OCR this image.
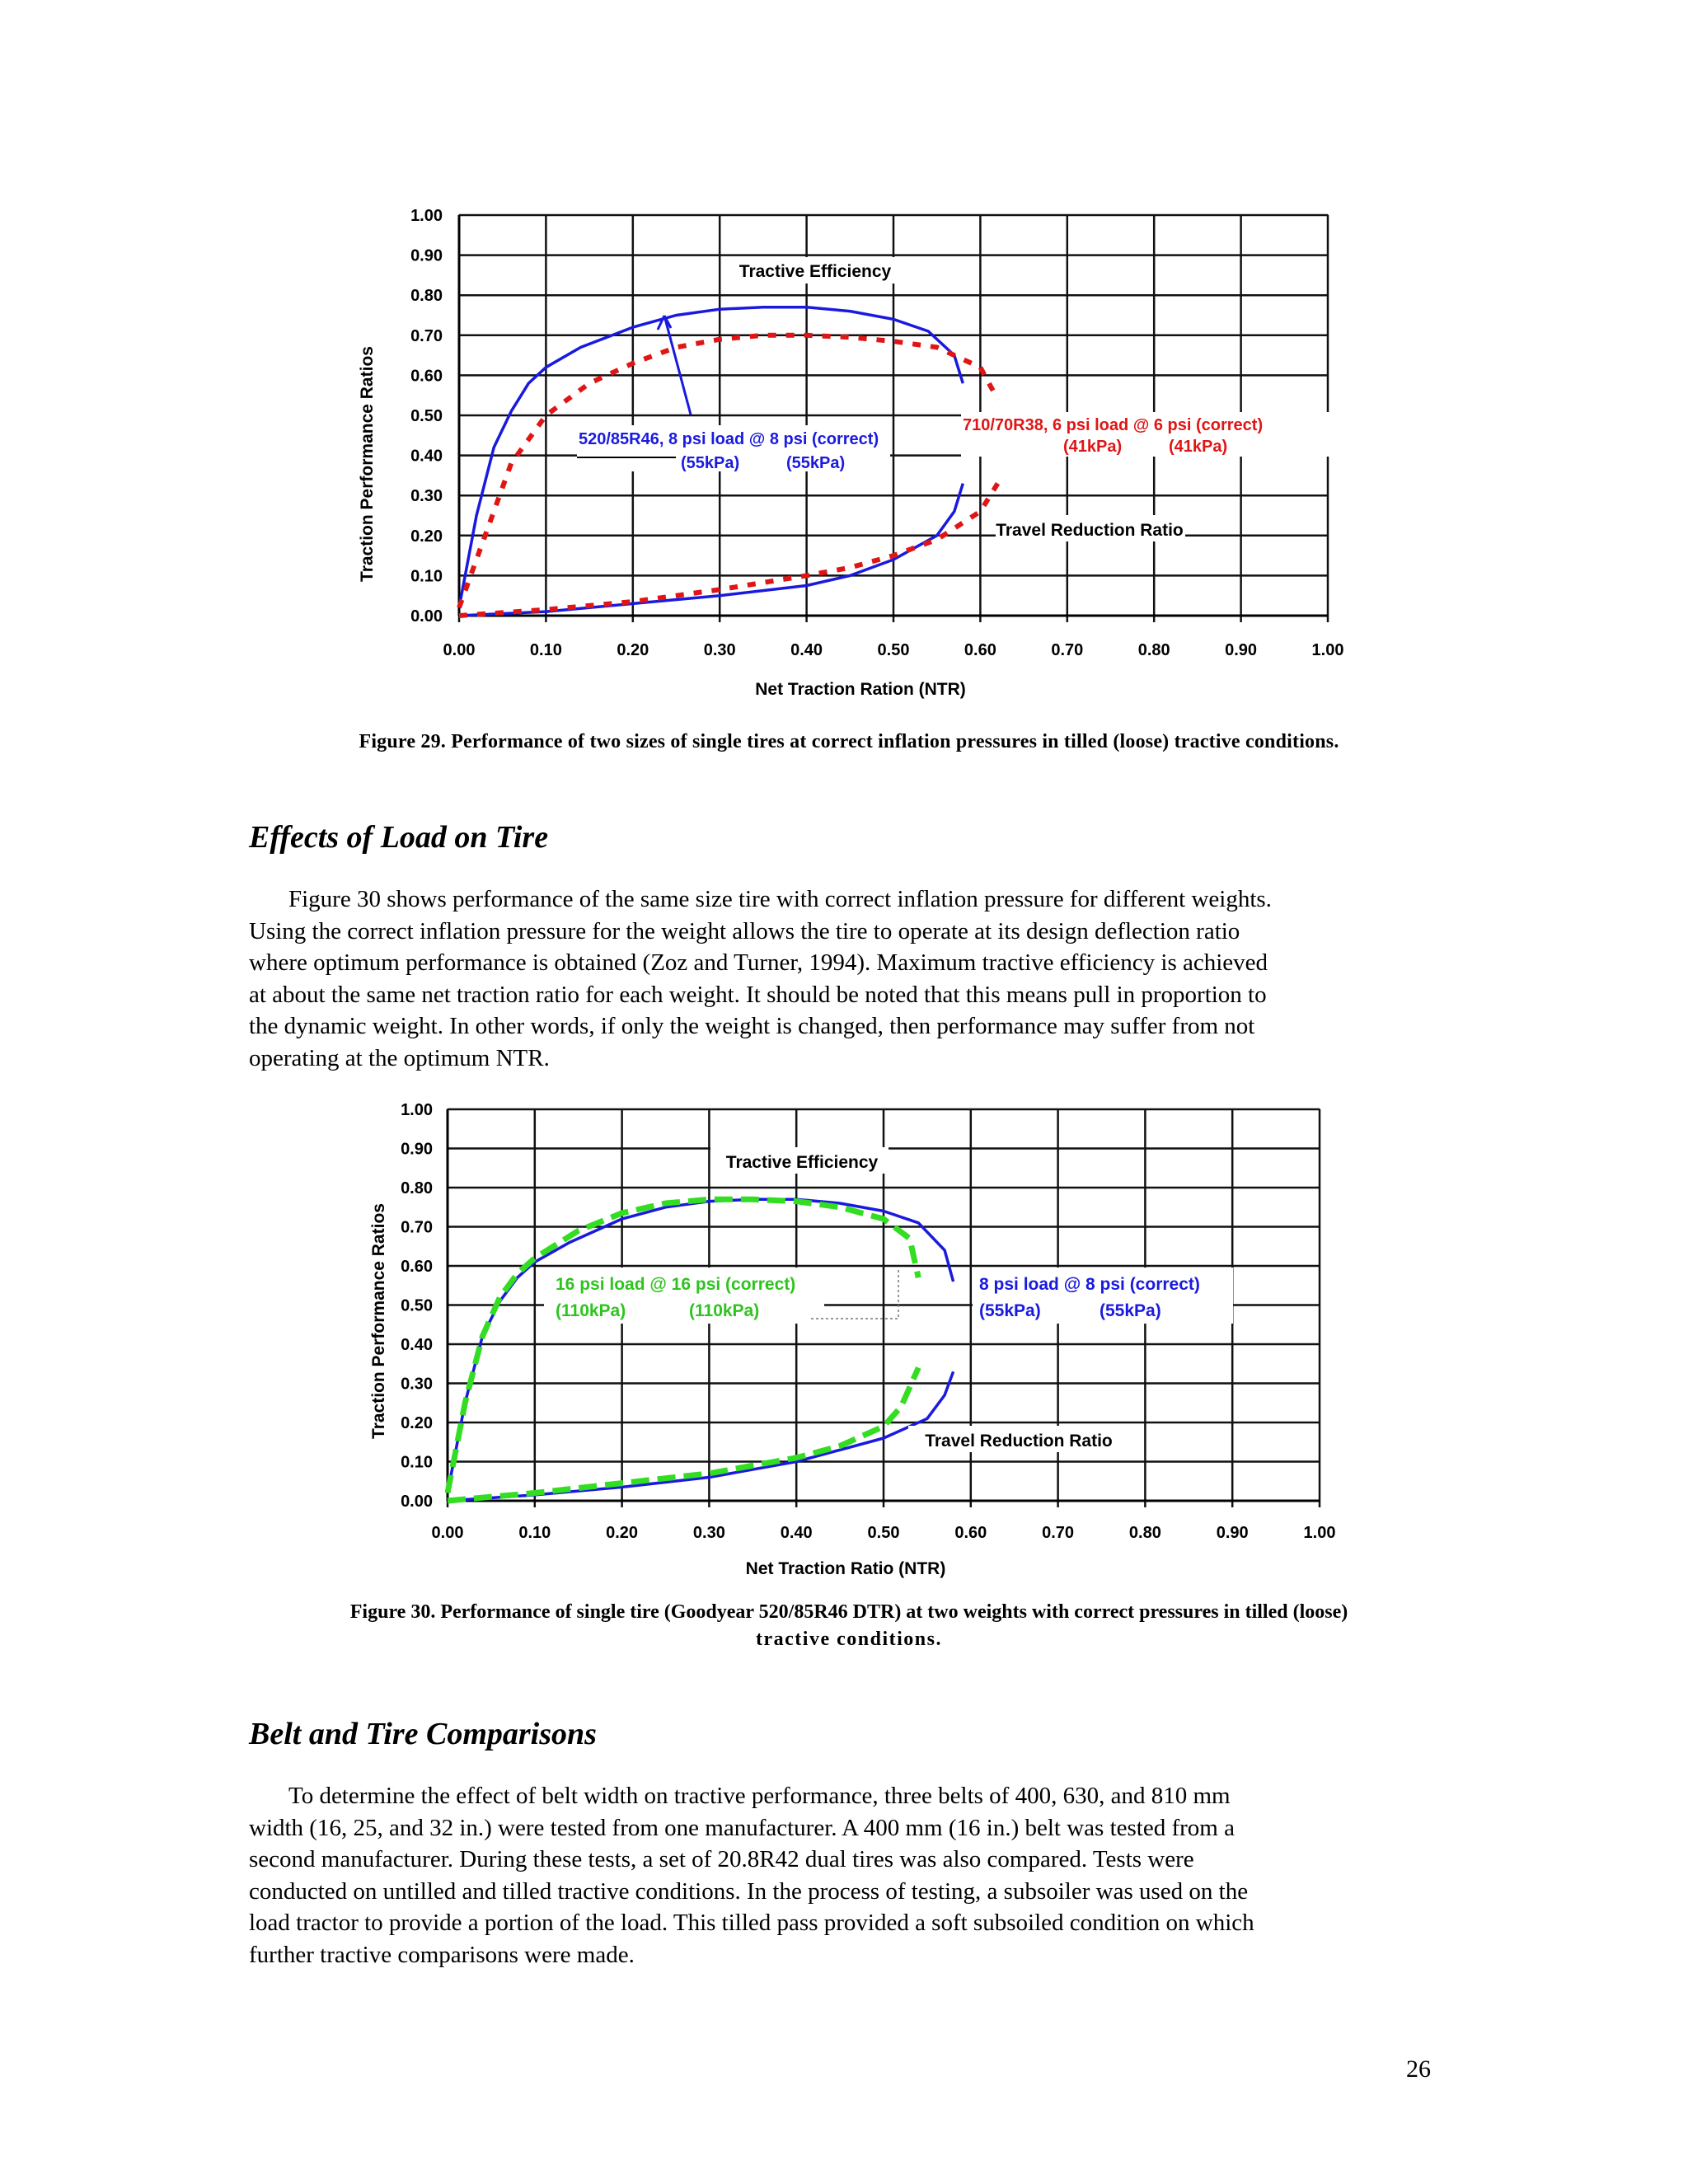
0.00
0.10
0.20
0.30
0.40
0.50
0.60
0.70
0.80
0.90
1.00
0.00	0.10	0.20	0.30	0.40	0.50	0.60	0.70	0.80	0.90	1.00
Traction Performance Ratios
Net Traction Ration (NTR)
Tractive Efficiency
Travel Reduction Ratio
520/85R46, 8 psi load @ 8 psi (correct)
(55kPa)	(55kPa)
710/70R38, 6 psi load @ 6 psi (correct)
(41kPa)	(41kPa)
Figure 29. Performance of two sizes of single tires at correct inflation pressures in tilled (loose) tractive conditions.
Effects of Load on Tire
Figure 30 shows performance of the same size tire with correct inflation pressure for different weights.
Using the correct inflation pressure for the weight allows the tire to operate at its design deflection ratio
where optimum performance is obtained (Zoz and Turner, 1994). Maximum tractive efficiency is achieved
at about the same net traction ratio for each weight. It should be noted that this means pull in proportion to
the dynamic weight. In other words, if only the weight is changed, then performance may suffer from not
operating at the optimum NTR.
0.00
0.10
0.20
0.30
0.40
0.50
0.60
0.70
0.80
0.90
1.00
0.00	0.10	0.20	0.30	0.40	0.50	0.60	0.70	0.80	0.90	1.00
Traction Performance Ratios
Net Traction Ratio (NTR)
Tractive Efficiency
Travel Reduction Ratio
16 psi load @ 16 psi (correct)
(110kPa)	(110kPa)
8 psi load @ 8 psi (correct)
(55kPa)	(55kPa)
Figure 30. Performance of single tire (Goodyear 520/85R46 DTR) at two weights with correct pressures in tilled (loose)
tractive conditions.
Belt and Tire Comparisons
To determine the effect of belt width on tractive performance, three belts of 400, 630, and 810 mm
width (16, 25, and 32 in.) were tested from one manufacturer. A 400 mm (16 in.) belt was tested from a
second manufacturer. During these tests, a set of 20.8R42 dual tires was also compared. Tests were
conducted on untilled and tilled tractive conditions. In the process of testing, a subsoiler was used on the
load tractor to provide a portion of the load. This tilled pass provided a soft subsoiled condition on which
further tractive comparisons were made.
26
